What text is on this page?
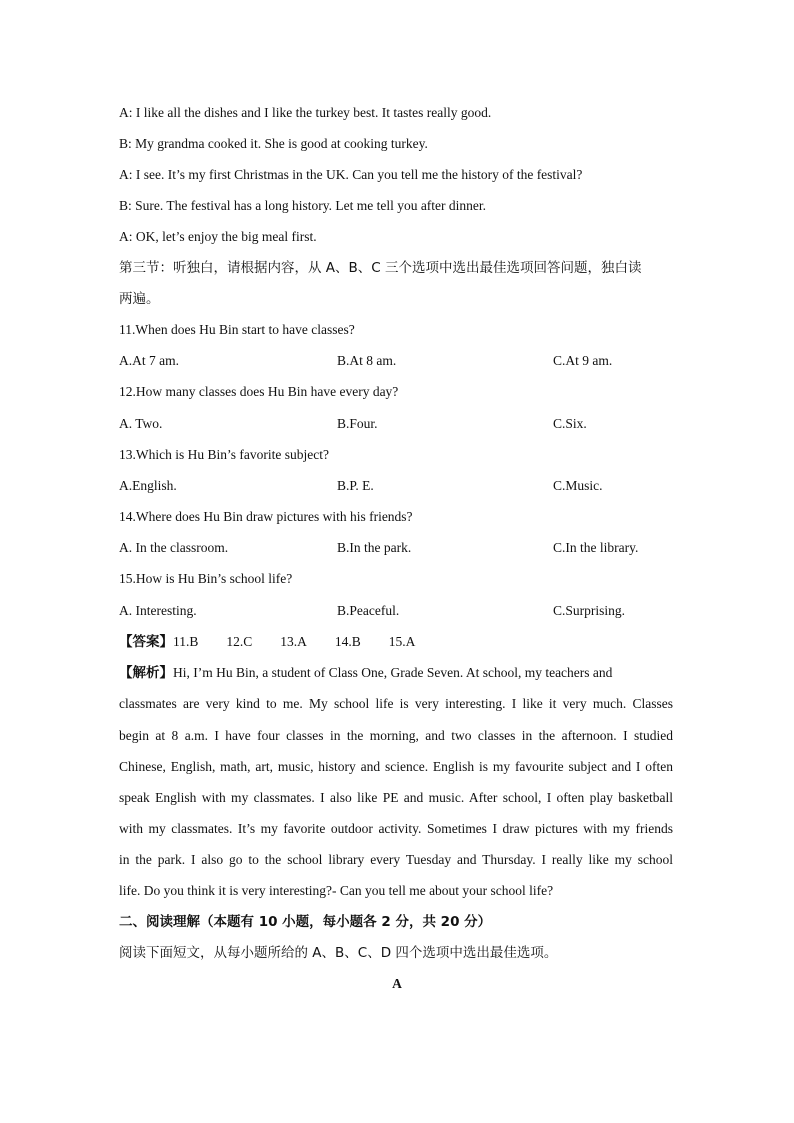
A: I like all the dishes and I like the turkey best. It tastes really good.
B: My grandma cooked it. She is good at cooking turkey.
A: I see. It’s my first Christmas in the UK. Can you tell me the history of the festival?
B: Sure. The festival has a long history. Let me tell you after dinner.
A: OK, let’s enjoy the big meal first.
第三节：听独白，请根据内容，从 A、B、C 三个选项中选出最佳选项回答问题，独白读
两遍。
11.When does Hu Bin start to have classes?
A.At 7 am.	B.At 8 am.	C.At 9 am.
12.How many classes does Hu Bin have every day?
A. Two.	B.Four.	C.Six.
13.Which is Hu Bin’s favorite subject?
A.English.	B.P. E.	C.Music.
14.Where does Hu Bin draw pictures with his friends?
A. In the classroom.	B.In the park.	C.In the library.
15.How is Hu Bin’s school life?
A. Interesting.	B.Peaceful.	C.Surprising.
【答案】11.B 12.C 13.A 14.B 15.A
【解析】Hi, I’m Hu Bin, a student of Class One, Grade Seven. At school, my teachers and
classmates are very kind to me. My school life is very interesting. I like it very much. Classes
begin at 8 a.m. I have four classes in the morning, and two classes in the afternoon. I studied
Chinese, English, math, art, music, history and science. English is my favourite subject and I often
speak English with my classmates. I also like PE and music. After school, I often play basketball
with my classmates. It’s my favorite outdoor activity. Sometimes I draw pictures with my friends
in the park. I also go to the school library every Tuesday and Thursday. I really like my school
life. Do you think it is very interesting?- Can you tell me about your school life?
二、阅读理解（本题有 10 小题，每小题各 2 分，共 20 分）
阅读下面短文，从每小题所给的 A、B、C、D 四个选项中选出最佳选项。
A
